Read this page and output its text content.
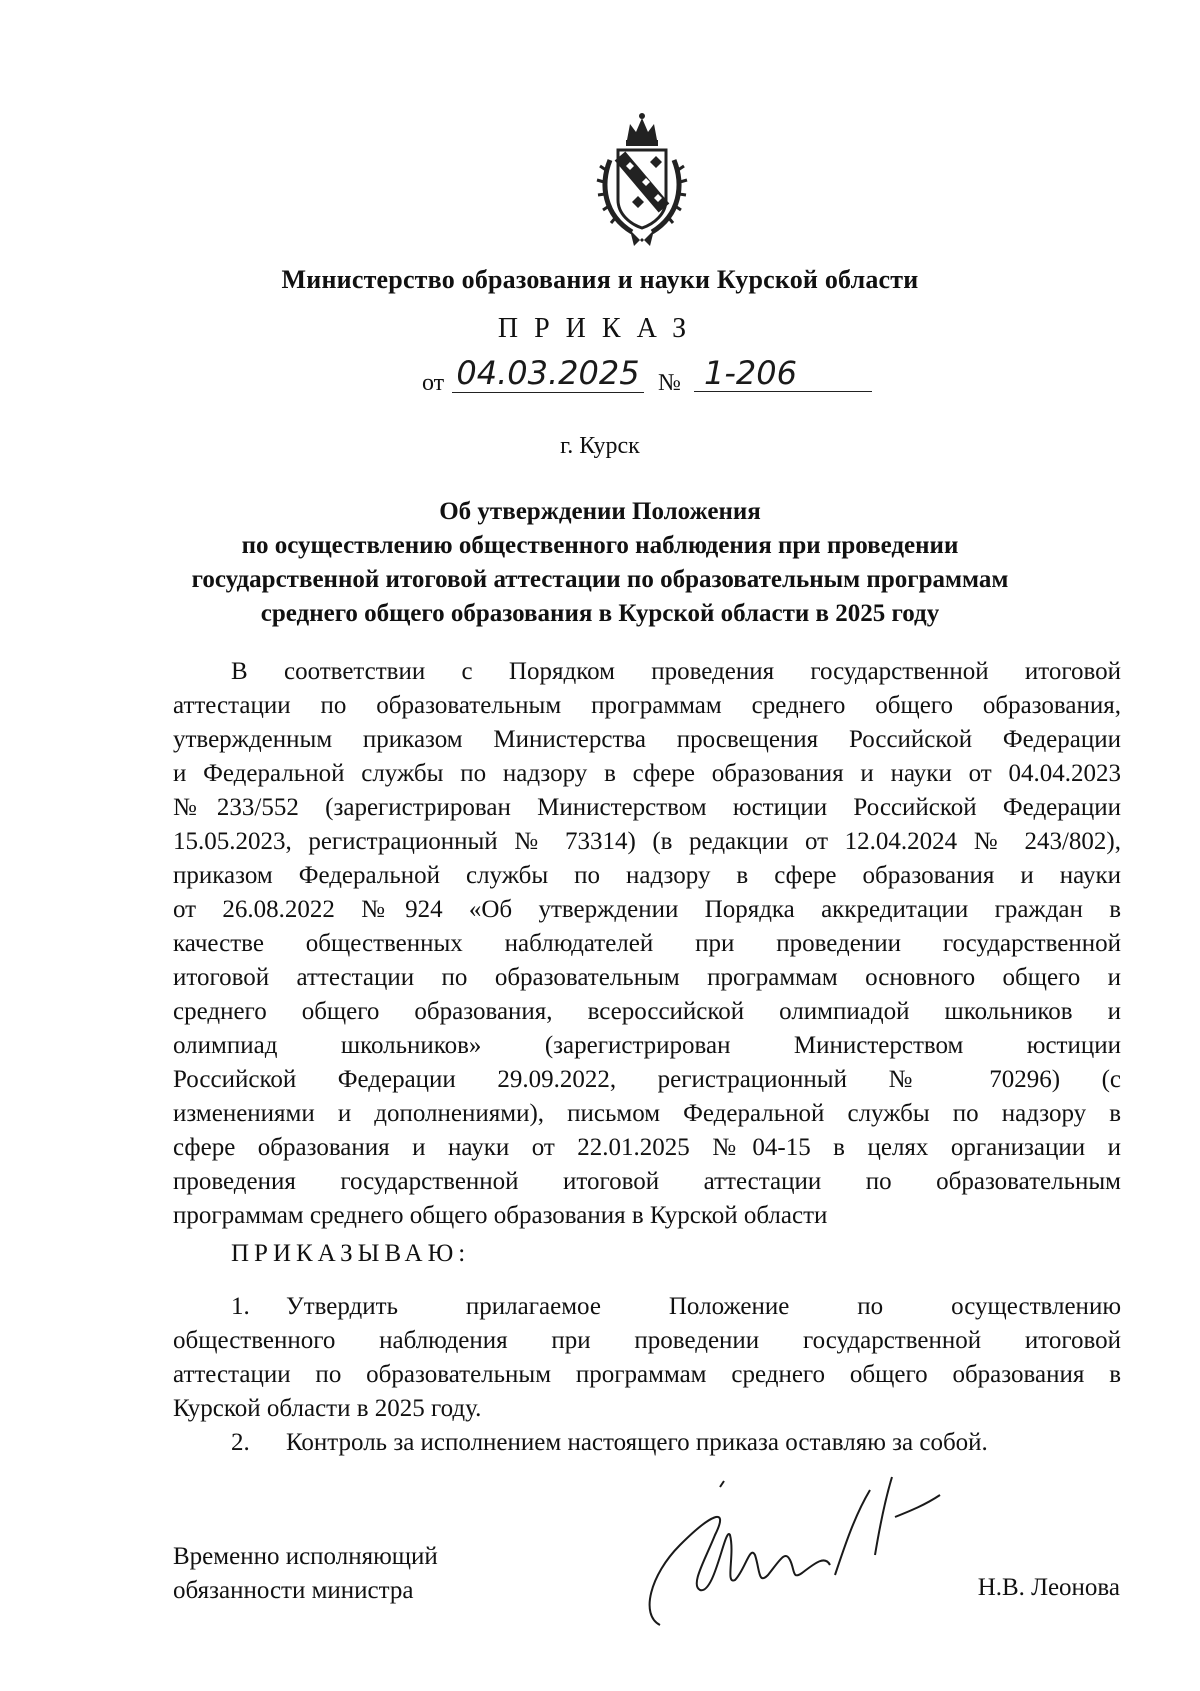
Министерство образования и науки Курской области
ПРИКАЗ
от 04.03.2025 № 1-206
г. Курск
Об утверждении Положения
по осуществлению общественного наблюдения при проведении
государственной итоговой аттестации по образовательным программам
среднего общего образования в Курской области в 2025 году
В соответствии с Порядком проведения государственной итоговой
аттестации по образовательным программам среднего общего образования,
утвержденным приказом Министерства просвещения Российской Федерации
и Федеральной службы по надзору в сфере образования и науки от 04.04.2023
№233/552 (зарегистрирован Министерством юстиции Российской Федерации
15.05.2023, регистрационный № 73314) (в редакции от 12.04.2024 № 243/802),
приказом Федеральной службы по надзору в сфере образования и науки
от 26.08.2022 №924 «Об утверждении Порядка аккредитации граждан в
качестве общественных наблюдателей при проведении государственной
итоговой аттестации по образовательным программам основного общего и
среднего общего образования, всероссийской олимпиадой школьников и
олимпиад школьников» (зарегистрирован Министерством юстиции
Российской Федерации 29.09.2022, регистрационный № 70296) (с
изменениями и дополнениями), письмом Федеральной службы по надзору в
сфере образования и науки от 22.01.2025 №04-15 в целях организации и
проведения государственной итоговой аттестации по образовательным
программам среднего общего образования в Курской области
ПРИКАЗЫВАЮ:
1. Утвердить прилагаемое Положение по осуществлению
общественного наблюдения при проведении государственной итоговой
аттестации по образовательным программам среднего общего образования в
Курской области в 2025 году.
2. Контроль за исполнением настоящего приказа оставляю за собой.
Временно исполняющий
обязанности министра	Н.В. Леонова
